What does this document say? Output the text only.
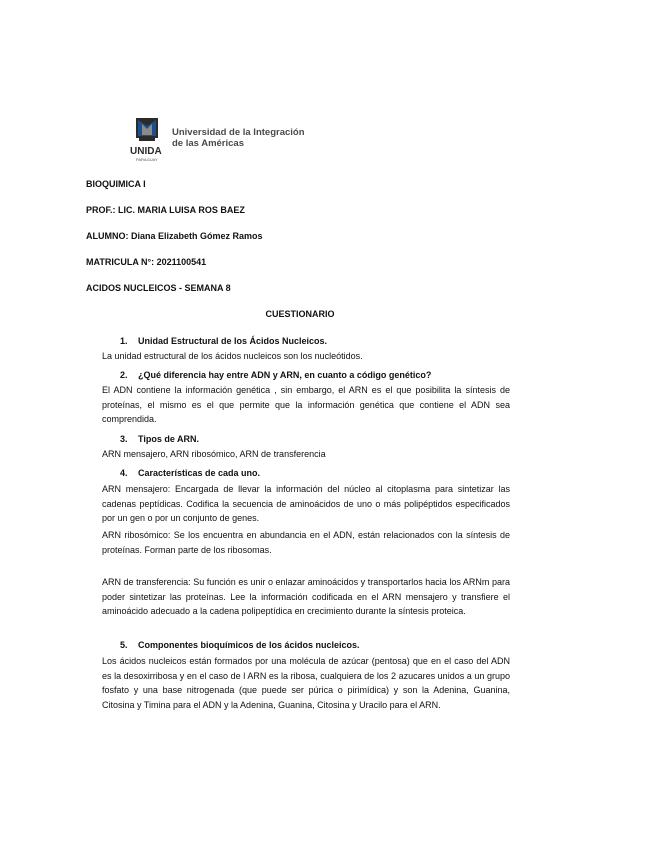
UNIDA
PARAGUAY
Universidad de la Integración
de las Américas
BIOQUIMICA I
PROF.: LIC. MARIA LUISA ROS BAEZ
ALUMNO: Diana Elizabeth Gómez Ramos
MATRICULA N°: 2021100541
ACIDOS NUCLEICOS - SEMANA 8
CUESTIONARIO
1. Unidad Estructural de los Ácidos Nucleicos.
La unidad estructural de los ácidos nucleicos son los nucleótidos.
2. ¿Qué diferencia hay entre ADN y ARN, en cuanto a código genético?
El ADN contiene la información genética , sin embargo, el ARN es el que posibilita la síntesis de proteínas, el mismo es el que permite que la información genética que contiene el ADN sea comprendida.
3. Tipos de ARN.
ARN mensajero, ARN ribosómico, ARN de transferencia
4. Características de cada uno.
ARN mensajero: Encargada de llevar la información del núcleo al citoplasma para sintetizar las cadenas peptídicas. Codifica la secuencia de aminoácidos de uno o más polipéptidos especificados por un gen o por un conjunto de genes.
ARN ribosómico: Se los encuentra en abundancia en el ADN, están relacionados con la síntesis de proteínas. Forman parte de los ribosomas.
ARN de transferencia: Su función es unir o enlazar aminoácidos y transportarlos hacia los ARNm para poder sintetizar las proteínas. Lee la información codificada en el ARN mensajero y transfiere el aminoácido adecuado a la cadena polipeptídica en crecimiento durante la síntesis proteica.
5. Componentes bioquímicos de los ácidos nucleicos.
Los ácidos nucleicos están formados por una molécula de azúcar (pentosa) que en el caso del ADN es la desoxirribosa y en el caso de l ARN es la ribosa, cualquiera de los 2 azucares unidos a un grupo fosfato y una base nitrogenada (que puede ser púrica o pirimídica) y son la Adenina, Guanina, Citosina y Timina para el ADN y la Adenina, Guanina, Citosina y Uracilo para el ARN.
